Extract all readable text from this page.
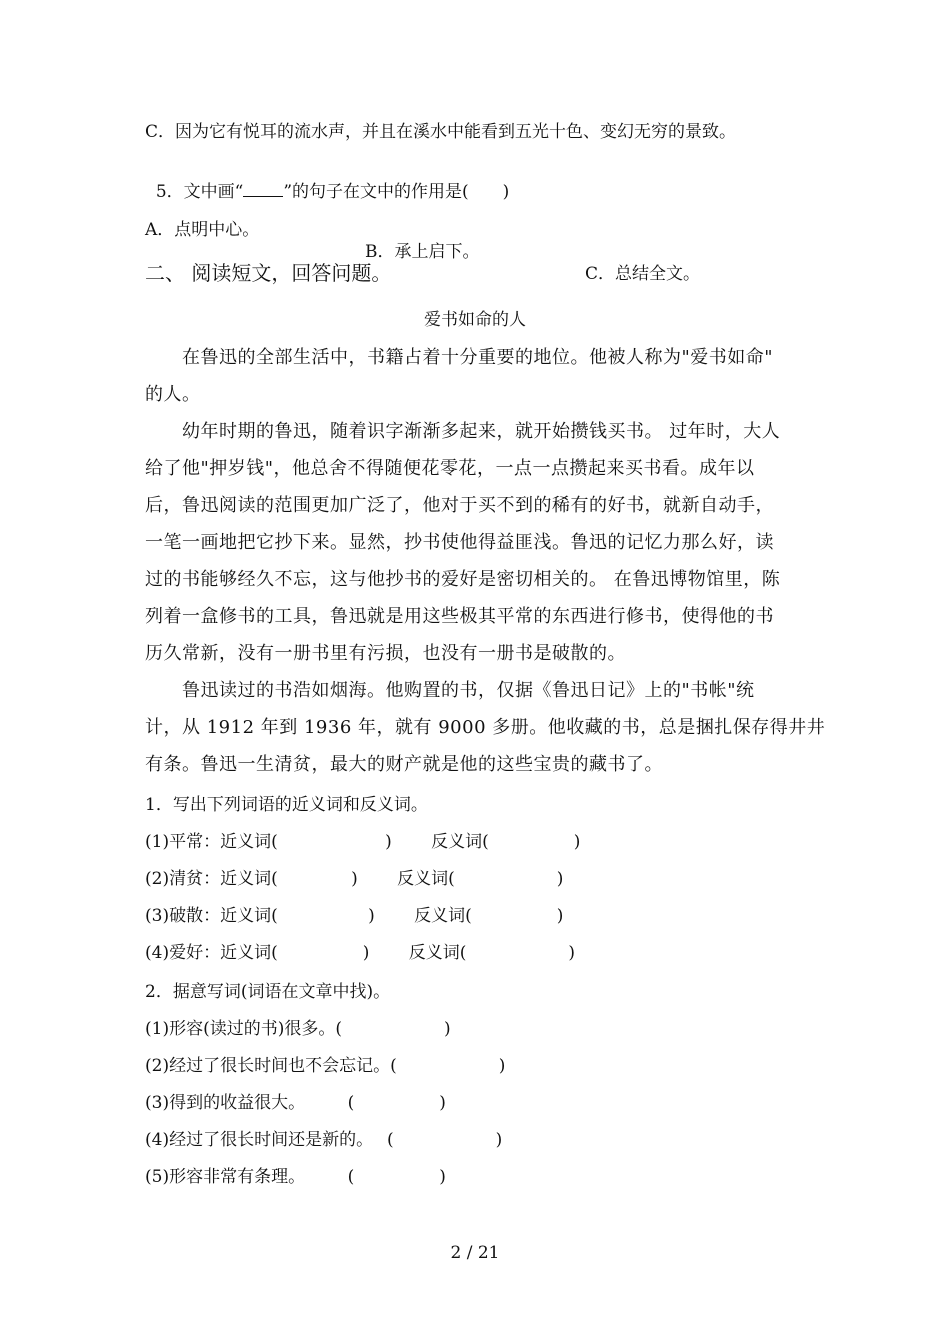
C．因为它有悦耳的流水声，并且在溪水中能看到五光十色、变幻无穷的景致。

5．文中画“ ”的句子在文中的作用是(　　)

A．点明中心。

B．承上启下。

C．总结全文。

二、 阅读短文，回答问题。
爱书如命的人
　　在鲁迅的全部生活中，书籍占着十分重要的地位。他被人称为"爱书如命"
的人。
　　幼年时期的鲁迅，随着识字渐渐多起来，就开始攒钱买书。 过年时，大人
给了他"押岁钱"，他总舍不得随便花零花，一点一点攒起来买书看。成年以
后，鲁迅阅读的范围更加广泛了，他对于买不到的稀有的好书，就新自动手，
一笔一画地把它抄下来。显然，抄书使他得益匪浅。鲁迅的记忆力那么好，读
过的书能够经久不忘，这与他抄书的爱好是密切相关的。 在鲁迅博物馆里，陈
列着一盒修书的工具，鲁迅就是用这些极其平常的东西进行修书，使得他的书
历久常新，没有一册书里有污损，也没有一册书是破散的。
　　鲁迅读过的书浩如烟海。他购置的书，仅据《鲁迅日记》上的"书帐"统
计，从 1912 年到 1936 年，就有 9000 多册。他收藏的书，总是捆扎保存得井井
有条。鲁迅一生清贫，最大的财产就是他的这些宝贵的藏书了。
1．写出下列词语的近义词和反义词。
(1)平常：近义词(　　　　　　 )　　 反义词(　　　　　)
(2)清贫：近义词(　　　　 )　　 反义词(　　　　　　)
(3)破散：近义词(　　　　　 )　　 反义词(　　　　　)
(4)爱好：近义词(　　　　　)　　 反义词(　　　　　　)
2．据意写词(词语在文章中找)。
(1)形容(读过的书)很多。(　　　　　　)
(2)经过了很长时间也不会忘记。(　　　　　　)
(3)得到的收益很大。　　　(　　　　　)
(4)经过了很长时间还是新的。　 (　　　　　　)
(5)形容非常有条理。　　　(　　　　　)
2 / 21
